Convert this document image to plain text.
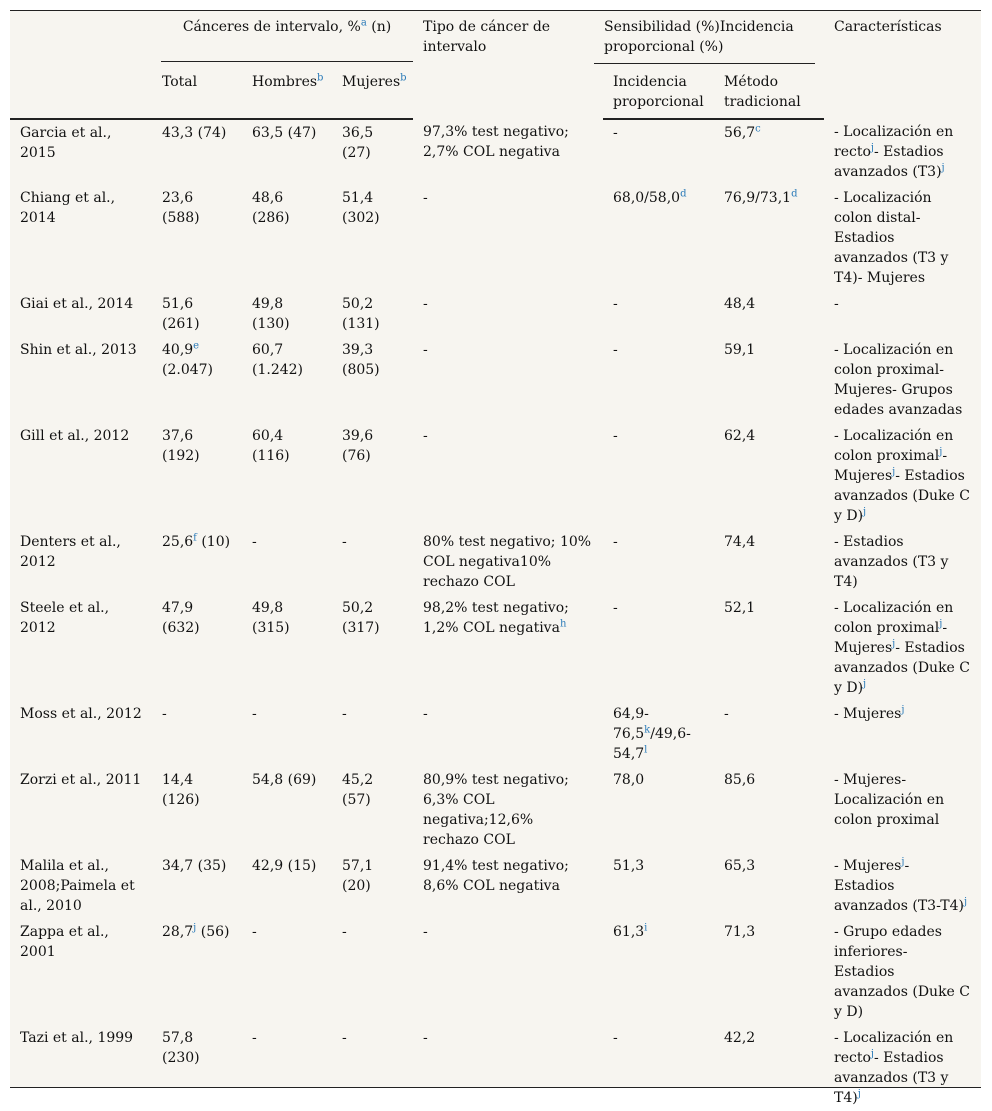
	Cánceres de intervalo, %$^a$ (n)			Tipo de cáncer de intervalo	Sensibilidad (%)Incidencia proporcional (%)		Características
	Total	Hombres$^b$	Mujeres$^b$		Incidencia proporcional	Método tradicional	
Garcia et al., 2015	43,3 (74)	63,5 (47)	36,5 (27)	97,3% test negativo; 2,7% COL negativa	-	56,7$^c$	- Localización en recto$^j$- Estadios avanzados $(T3)^j$
Chiang et al., 2014	23,6 (588)	48,6 (286)	51,4 (302)	-	68,0/58,0$^d$	76,9/73,1$^d$	- Localización colon distal- Estadios avanzados (T3 y T4)- Mujeres
Giai et al., 2014	51,6 (261)	49,8 (130)	50,2 (131)	-	-	48,4	-
Shin et al., 2013	40,9e (2.047)	60,7 (1.242)	39,3 (805)	-	-	59,1	- Localización en colon proximal- Mujeres- Grupos edades avanzadas
Gill et al., 2012	37,6 (192)	60,4 (116)	39,6 (76)	-	-	62,4	- Localización en colon proximal$^j$- Mujeres$^j$- Estadios avanzados (Duke C y D)$^j$
Denters et al., 2012	25,6$^f$ (10)	-	-	80% test negativo; 10% COL negativa10% rechazo COL	-	74,4	- Estadios avanzados (T3 y T4)
Steele et al., 2012	47,9 (632)	49,8 (315)	50,2 (317)	98,2% test negativo; 1,2% COL negativa$^h$	-	52,1	- Localización en colon proximal$^j$- Mujeres$^j$- Estadios avanzados (Duke C y D)$^j$
Moss et al., 2012	-	-	-	-	64,9-76,5$^k$/49,6-54,7$^l$	-	- Mujeres$^j$
Zorzi et al., 2011	14,4 (126)	54,8 (69)	45,2 (57)	80,9% test negativo; 6,3% COL negativa;12,6% rechazo COL	78,0	85,6	- Mujeres- Localización en colon proximal
Malila et al., 2008;Paimela et al., 2010	34,7 (35)	42,9 (15)	57,1 (20)	91,4% test negativo; 8,6% COL negativa	51,3	65,3	- Mujeres$^j$- Estadios avanzados $(T3-T4)^j$
Zappa et al., 2001	28,7$^j$ (56)	-	-	-	61,3$^i$	71,3	- Grupo edades inferiores- Estadios avanzados (Duke C y D)
Tazi et al., 1999	57,8 (230)	-	-	-	-	42,2	- Localización en recto$^j$- Estadios avanzados (T3 y T4)$^j$
